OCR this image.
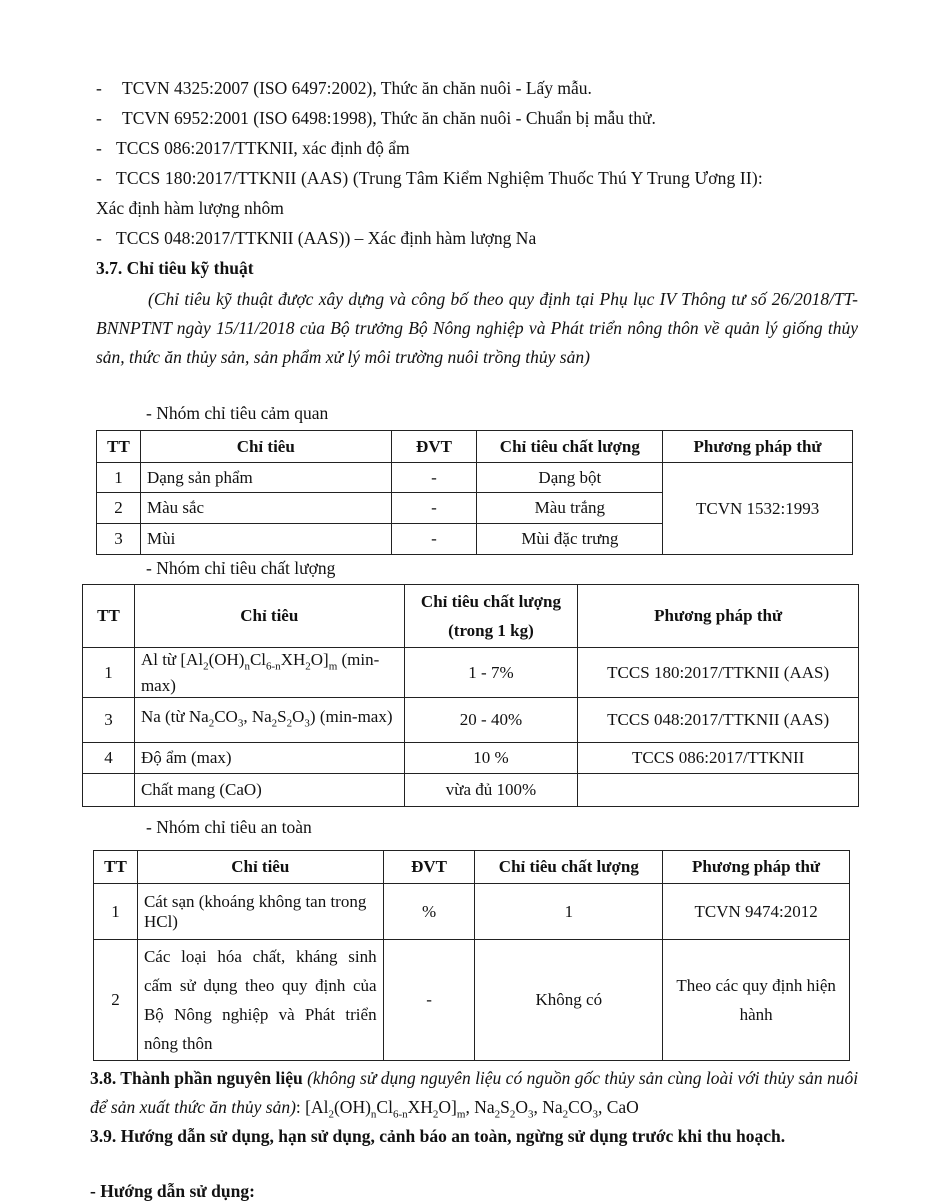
- TCVN 4325:2007 (ISO 6497:2002), Thức ăn chăn nuôi - Lấy mẫu.
- TCVN 6952:2001 (ISO 6498:1998), Thức ăn chăn nuôi - Chuẩn bị mẫu thử.
- TCCS 086:2017/TTKNII, xác định độ ẩm
- TCCS 180:2017/TTKNII (AAS) (Trung Tâm Kiểm Nghiệm Thuốc Thú Y Trung Ương II):
Xác định hàm lượng nhôm
- TCCS 048:2017/TTKNII (AAS)) – Xác định hàm lượng Na
3.7. Chỉ tiêu kỹ thuật
(Chỉ tiêu kỹ thuật được xây dựng và công bố theo quy định tại Phụ lục IV Thông tư số 26/2018/TT-BNNPTNT ngày 15/11/2018 của Bộ trưởng Bộ Nông nghiệp và Phát triển nông thôn về quản lý giống thủy sản, thức ăn thủy sản, sản phẩm xử lý môi trường nuôi trồng thủy sản)
- Nhóm chỉ tiêu cảm quan
TT	Chỉ tiêu	ĐVT	Chỉ tiêu chất lượng	Phương pháp thử
1	Dạng sản phẩm	-	Dạng bột	TCVN 1532:1993
2	Màu sắc	-	Màu trắng	
3	Mùi	-	Mùi đặc trưng	
- Nhóm chỉ tiêu chất lượng
TT	Chỉ tiêu	Chỉ tiêu chất lượng (trong 1 kg)	Phương pháp thử
1	Al từ $[Al_2(OH)_nCl_{6-n}XH_2O]_m$ (min-max)	1 - 7%	TCCS 180:2017/TTKNII (AAS)
3	Na (từ $Na_2CO_3$, $Na_2S_2O_3$) (min-max)	20 - 40%	TCCS 048:2017/TTKNII (AAS)
4	Độ ẩm (max)	10 %	TCCS 086:2017/TTKNII
	Chất mang (CaO)	vừa đủ 100%	
- Nhóm chỉ tiêu an toàn
TT	Chỉ tiêu	ĐVT	Chỉ tiêu chất lượng	Phương pháp thử
1	Cát sạn (khoáng không tan trong HCl)	%	1	TCVN 9474:2012
2	Các loại hóa chất, kháng sinh cấm sử dụng theo quy định của Bộ Nông nghiệp và Phát triển nông thôn	-	Không có	Theo các quy định hiện hành
3.8. Thành phần nguyên liệu (không sử dụng nguyên liệu có nguồn gốc thủy sản cùng loài với thủy sản nuôi để sản xuất thức ăn thủy sản): $[Al_2(OH)_nCl_{6-n}XH_2O]_m$, $Na_2S_2O_3$, $Na_2CO_3$, CaO
3.9. Hướng dẫn sử dụng, hạn sử dụng, cảnh báo an toàn, ngừng sử dụng trước khi thu hoạch.
- Hướng dẫn sử dụng:
